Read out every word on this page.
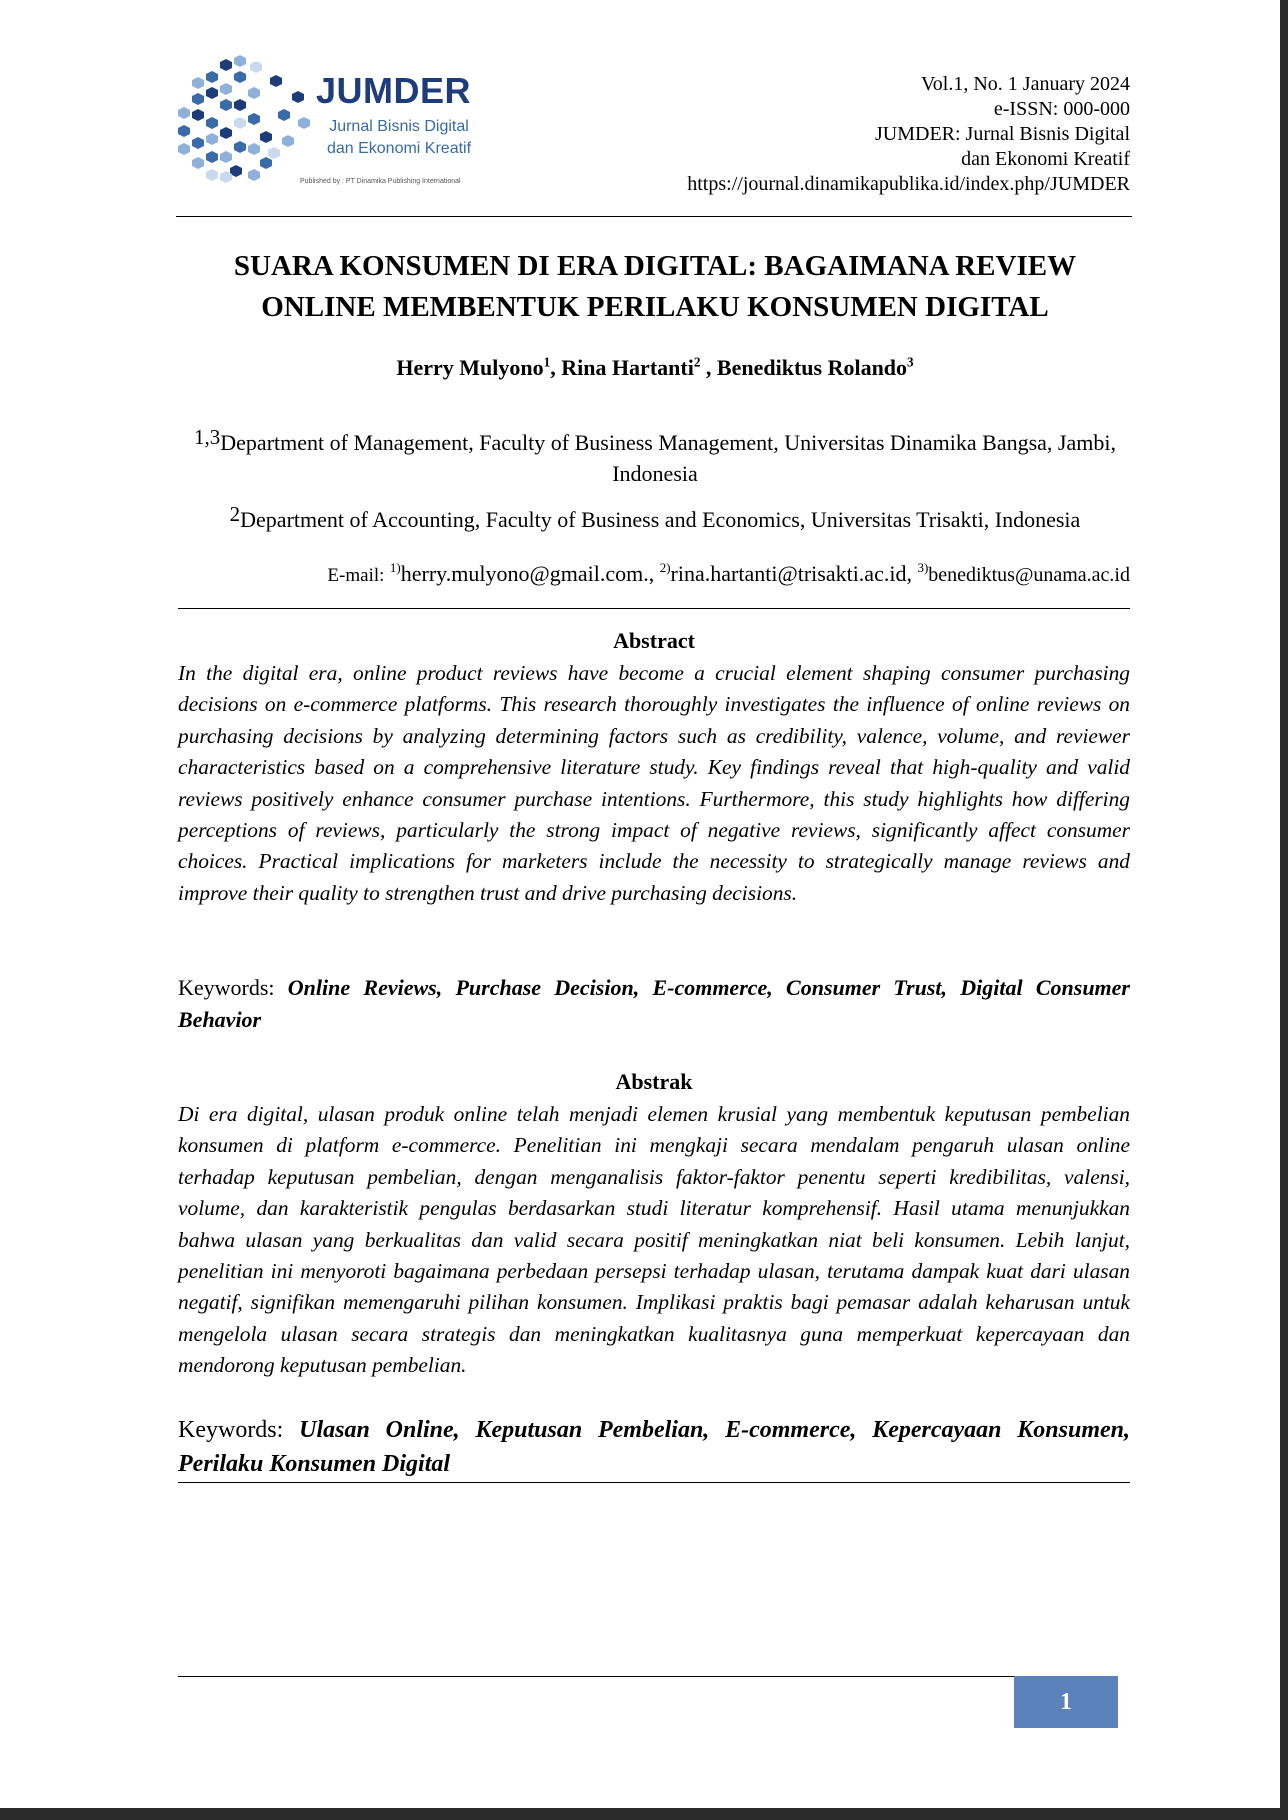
JUMDER
Jurnal Bisnis Digital
dan Ekonomi Kreatif
Published by : PT Dinamika Publishing International
Vol.1, No. 1 January 2024
e-ISSN: 000-000
JUMDER: Jurnal Bisnis Digital
dan Ekonomi Kreatif
https://journal.dinamikapublika.id/index.php/JUMDER
SUARA KONSUMEN DI ERA DIGITAL: BAGAIMANA REVIEW
ONLINE MEMBENTUK PERILAKU KONSUMEN DIGITAL
Herry Mulyono$^1$, Rina Hartanti$^2$ , Benediktus Rolando$^3$
1,3Department of Management, Faculty of Business Management, Universitas Dinamika Bangsa, Jambi, Indonesia
2Department of Accounting, Faculty of Business and Economics, Universitas Trisakti, Indonesia
E-mail: $^{1)}$herry.mulyono@gmail.com., $^{2)}$rina.hartanti@trisakti.ac.id, $^{3)}$benediktus@unama.ac.id
Abstract

In the digital era, online product reviews have become a crucial element shaping consumer purchasing decisions on e-commerce platforms. This research thoroughly investigates the influence of online reviews on purchasing decisions by analyzing determining factors such as credibility, valence, volume, and reviewer characteristics based on a comprehensive literature study. Key findings reveal that high-quality and valid reviews positively enhance consumer purchase intentions. Furthermore, this study highlights how differing perceptions of reviews, particularly the strong impact of negative reviews, significantly affect consumer choices. Practical implications for marketers include the necessity to strategically manage reviews and improve their quality to strengthen trust and drive purchasing decisions.

Keywords: Online Reviews, Purchase Decision, E-commerce, Consumer Trust, Digital Consumer Behavior

Abstrak

Di era digital, ulasan produk online telah menjadi elemen krusial yang membentuk keputusan pembelian konsumen di platform e-commerce. Penelitian ini mengkaji secara mendalam pengaruh ulasan online terhadap keputusan pembelian, dengan menganalisis faktor-faktor penentu seperti kredibilitas, valensi, volume, dan karakteristik pengulas berdasarkan studi literatur komprehensif. Hasil utama menunjukkan bahwa ulasan yang berkualitas dan valid secara positif meningkatkan niat beli konsumen. Lebih lanjut, penelitian ini menyoroti bagaimana perbedaan persepsi terhadap ulasan, terutama dampak kuat dari ulasan negatif, signifikan memengaruhi pilihan konsumen. Implikasi praktis bagi pemasar adalah keharusan untuk mengelola ulasan secara strategis dan meningkatkan kualitasnya guna memperkuat kepercayaan dan mendorong keputusan pembelian.

Keywords: Ulasan Online, Keputusan Pembelian, E-commerce, Kepercayaan Konsumen, Perilaku Konsumen Digital

1
